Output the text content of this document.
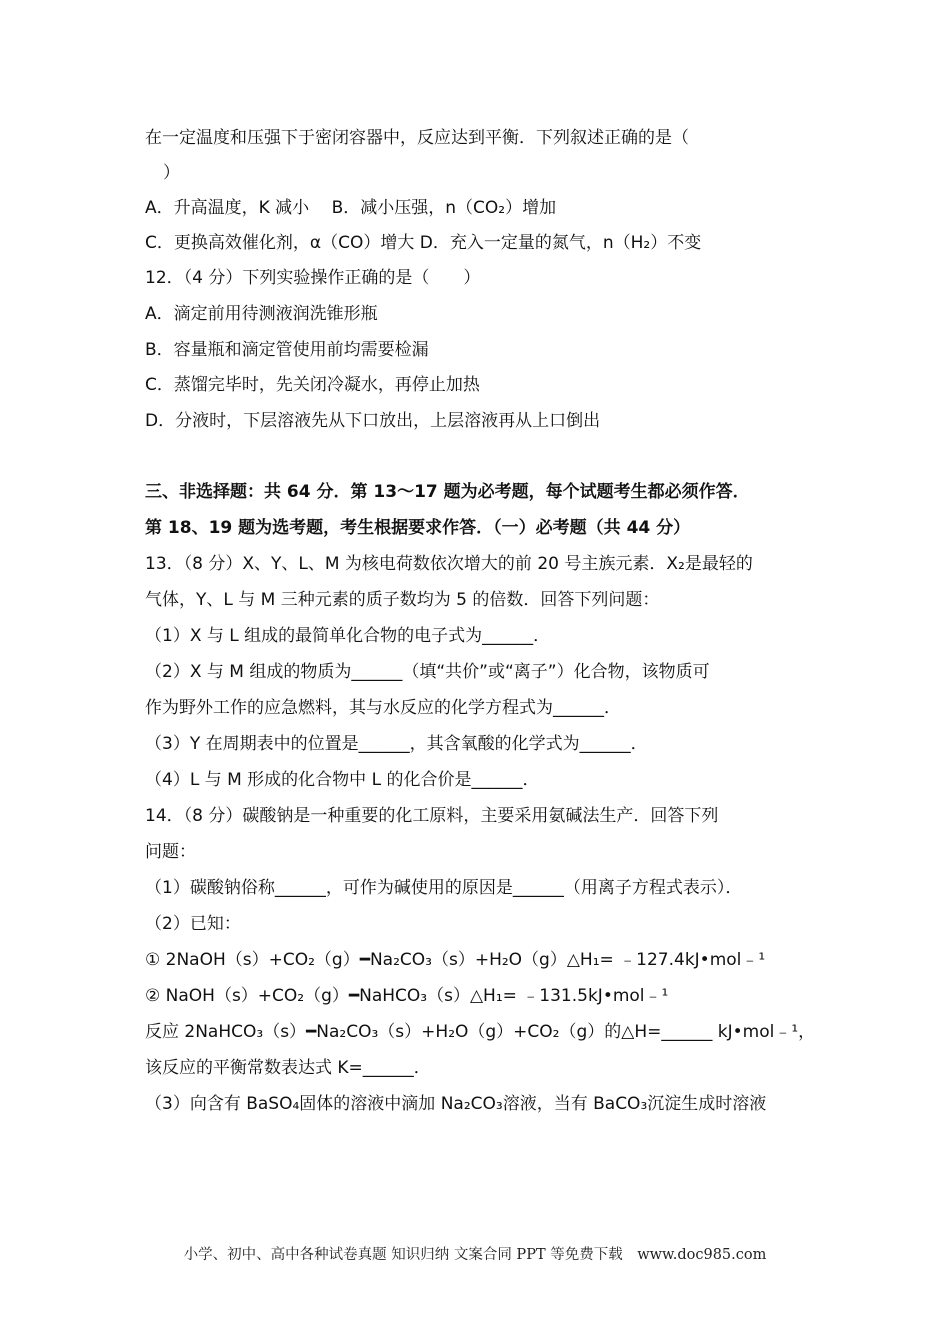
在一定温度和压强下于密闭容器中，反应达到平衡．下列叙述正确的是（
）
A．升高温度，K 减小　 B．减小压强，n（CO₂）增加
C．更换高效催化剂，α（CO）增大 D．充入一定量的氮气，n（H₂）不变
12．（4 分）下列实验操作正确的是（　　）
A．滴定前用待测液润洗锥形瓶
B．容量瓶和滴定管使用前均需要检漏
C．蒸馏完毕时，先关闭冷凝水，再停止加热
D．分液时，下层溶液先从下口放出，上层溶液再从上口倒出
三、非选择题：共 64 分．第 13～17 题为必考题，每个试题考生都必须作答．
第 18、19 题为选考题，考生根据要求作答．（一）必考题（共 44 分）
13．（8 分）X、Y、L、M 为核电荷数依次增大的前 20 号主族元素．X₂是最轻的
气体，Y、L 与 M 三种元素的质子数均为 5 的倍数．回答下列问题：
（1）X 与 L 组成的最简单化合物的电子式为______．
（2）X 与 M 组成的物质为______（填“共价”或“离子”）化合物，该物质可
作为野外工作的应急燃料，其与水反应的化学方程式为______．
（3）Y 在周期表中的位置是______，其含氧酸的化学式为______．
（4）L 与 M 形成的化合物中 L 的化合价是______．
14．（8 分）碳酸钠是一种重要的化工原料，主要采用氨碱法生产．回答下列
问题：
（1）碳酸钠俗称______，可作为碱使用的原因是______（用离子方程式表示）．
（2）已知：
① 2NaOH（s）+CO₂（g）━Na₂CO₃（s）+H₂O（g）△H₁= ﹣127.4kJ•mol﹣¹
② NaOH（s）+CO₂（g）━NaHCO₃（s）△H₁= ﹣131.5kJ•mol﹣¹
反应 2NaHCO₃（s）━Na₂CO₃（s）+H₂O（g）+CO₂（g）的△H=______ kJ•mol﹣¹，
该反应的平衡常数表达式 K=______．
（3）向含有 BaSO₄固体的溶液中滴加 Na₂CO₃溶液，当有 BaCO₃沉淀生成时溶液
小学、初中、高中各种试卷真题 知识归纳 文案合同 PPT 等免费下载　www.doc985.com
